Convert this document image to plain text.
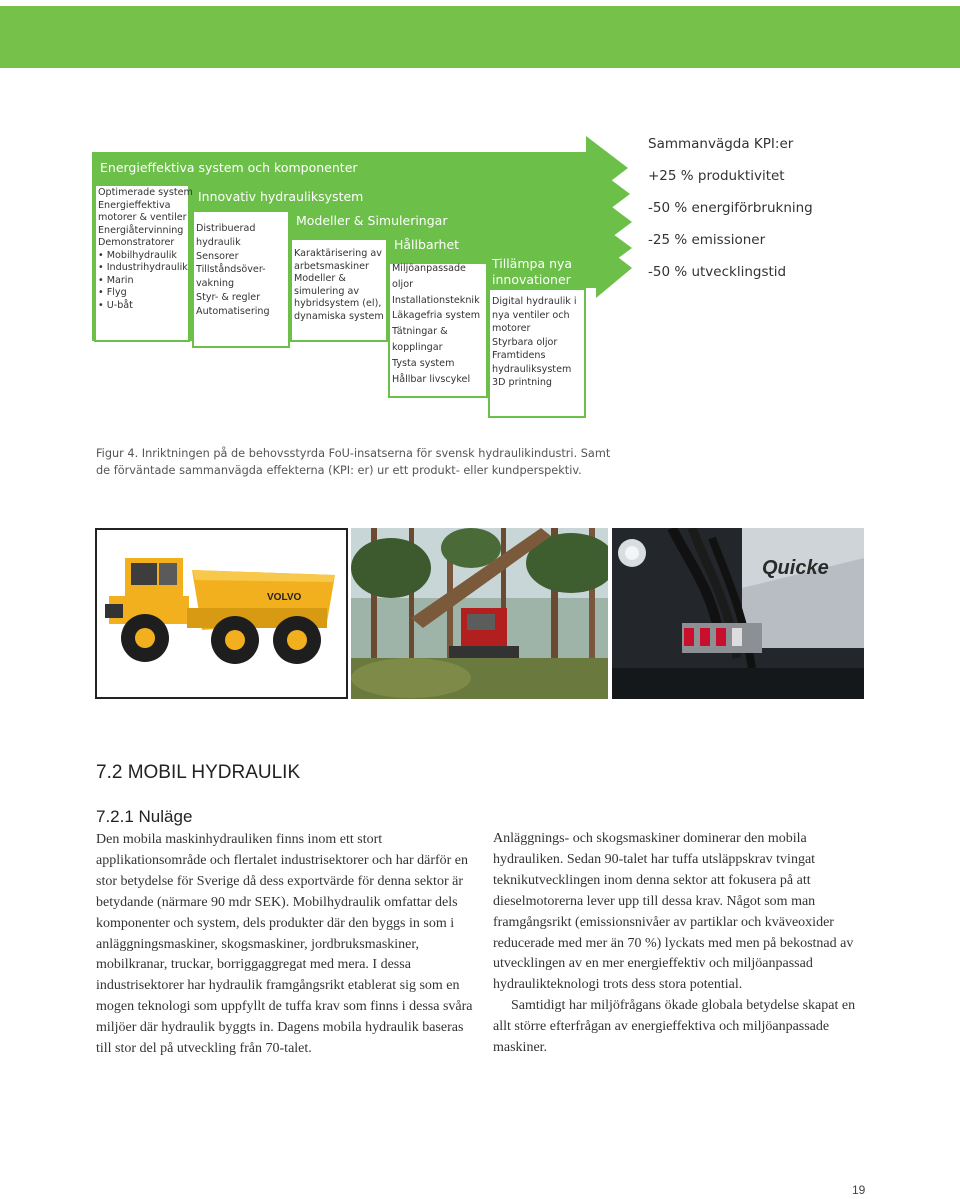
Sammanvägda KPI:er
+25 % produktivitet
-50 % energiförbrukning
-25 % emissioner
-50 % utvecklingstid
Energieffektiva system och komponenter
Innovativ hydrauliksystem
Modeller & Simuleringar
Hållbarhet
Tillämpa nya
innovationer
Optimerade system
Energieffektiva
motorer & ventiler
Energiåtervinning
Demonstratorer
• Mobilhydraulik
• Industrihydraulik
• Marin
• Flyg
• U-båt
Distribuerad
hydraulik
Sensorer
Tillståndsöver-
vakning
Styr- & regler
Automatisering
Karaktärisering av
arbetsmaskiner
Modeller &
simulering av
hybridsystem (el),
dynamiska system
Miljöanpassade
oljor
Installationsteknik
Läkagefria system
Tätningar &
kopplingar
Tysta system
Hållbar livscykel
Digital hydraulik i
nya ventiler och
motorer
Styrbara oljor
Framtidens
hydrauliksystem
3D printning
Figur 4. Inriktningen på de behovsstyrda FoU-insatserna för svensk hydraulikindustri. Samt de förväntade sammanvägda effekterna (KPI: er) ur ett produkt- eller kundperspektiv.
VOLVO
Quicke
7.2 MOBIL HYDRAULIK
7.2.1 Nuläge

Den mobila maskinhydrauliken finns inom ett stort applikationsområde och flertalet industrisektorer och har därför en stor betydelse för Sverige då dess exportvärde för denna sektor är betydande (närmare 90 mdr SEK). Mobilhydraulik omfattar dels komponenter och system, dels produkter där den byggs in som i anläggningsmaskiner, skogsmaskiner, jordbruksmaskiner, mobilkranar, truckar, borriggaggregat med mera. I dessa industrisektorer har hydraulik framgångsrikt etablerat sig som en mogen teknologi som uppfyllt de tuffa krav som finns i dessa svåra miljöer där hydraulik byggts in. Dagens mobila hydraulik baseras till stor del på utveckling från 70-talet.

Anläggnings- och skogsmaskiner dominerar den mobila hydrauliken. Sedan 90-talet har tuffa utsläppskrav tvingat teknikutvecklingen inom denna sektor att fokusera på att dieselmotorerna lever upp till dessa krav. Något som man framgångsrikt (emissionsnivåer av partiklar och kväveoxider reducerade med mer än 70 %) lyckats med men på bekostnad av utvecklingen av en mer energieffektiv och miljöanpassad hydraulikteknologi trots dess stora potential.

Samtidigt har miljöfrågans ökade globala betydelse skapat en allt större efterfrågan av energieffektiva och miljöanpassade maskiner.

19
